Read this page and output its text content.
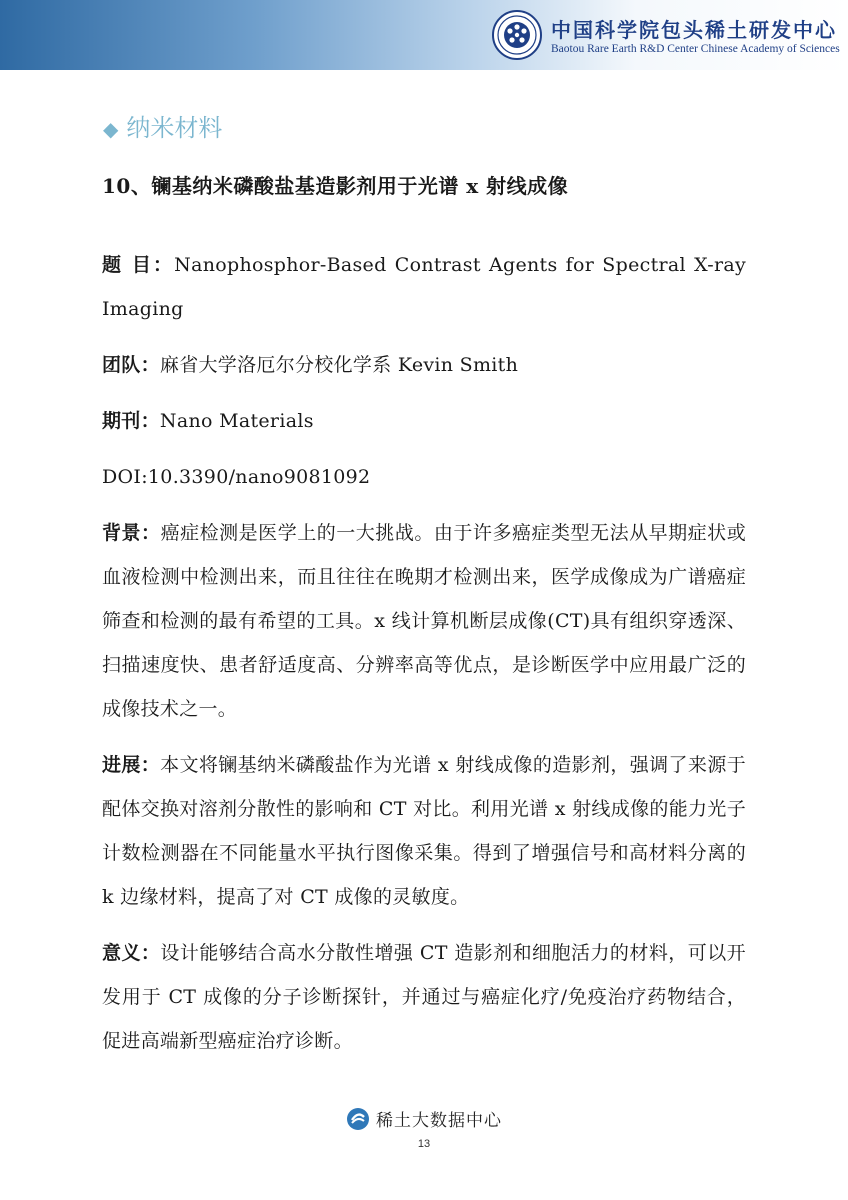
中国科学院包头稀土研发中心
Baotou Rare Earth R&D Center Chinese Academy of Sciences
◆ 纳米材料
10、镧基纳米磷酸盐基造影剂用于光谱 x 射线成像

题 目：Nanophosphor-Based Contrast Agents for Spectral X-ray Imaging

团队：麻省大学洛厄尔分校化学系 Kevin Smith

期刊：Nano Materials

DOI:10.3390/nano9081092

背景：癌症检测是医学上的一大挑战。由于许多癌症类型无法从早期症状或血液检测中检测出来，而且往往在晚期才检测出来，医学成像成为广谱癌症筛查和检测的最有希望的工具。x 线计算机断层成像(CT)具有组织穿透深、扫描速度快、患者舒适度高、分辨率高等优点，是诊断医学中应用最广泛的成像技术之一。

进展：本文将镧基纳米磷酸盐作为光谱 x 射线成像的造影剂，强调了来源于配体交换对溶剂分散性的影响和 CT 对比。利用光谱 x 射线成像的能力光子计数检测器在不同能量水平执行图像采集。得到了增强信号和高材料分离的 k 边缘材料，提高了对 CT 成像的灵敏度。

意义：设计能够结合高水分散性增强 CT 造影剂和细胞活力的材料，可以开发用于 CT 成像的分子诊断探针，并通过与癌症化疗/免疫治疗药物结合，促进高端新型癌症治疗诊断。

稀土大数据中心
13
